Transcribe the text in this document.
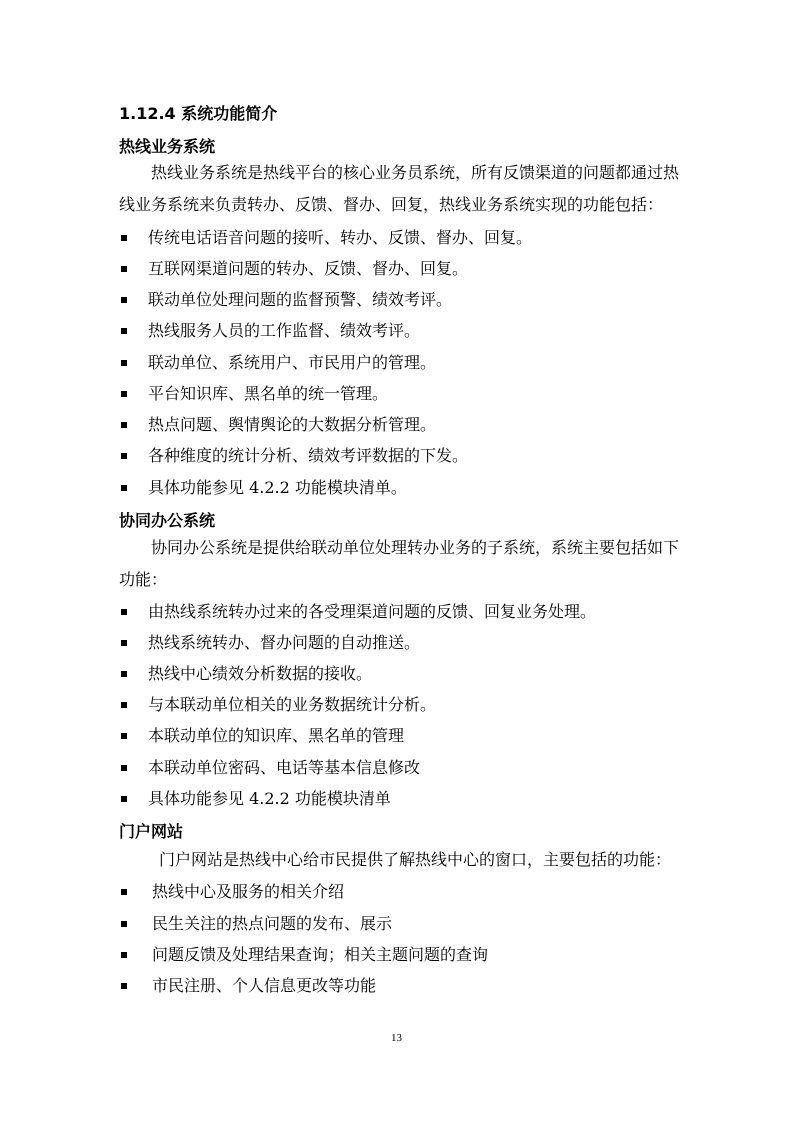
1.12.4 系统功能简介
热线业务系统
热线业务系统是热线平台的核心业务员系统，所有反馈渠道的问题都通过热
线业务系统来负责转办、反馈、督办、回复，热线业务系统实现的功能包括：
传统电话语音问题的接听、转办、反馈、督办、回复。
互联网渠道问题的转办、反馈、督办、回复。
联动单位处理问题的监督预警、绩效考评。
热线服务人员的工作监督、绩效考评。
联动单位、系统用户、市民用户的管理。
平台知识库、黑名单的统一管理。
热点问题、舆情舆论的大数据分析管理。
各种维度的统计分析、绩效考评数据的下发。
具体功能参见 4.2.2 功能模块清单。
协同办公系统
协同办公系统是提供给联动单位处理转办业务的子系统，系统主要包括如下
功能：
由热线系统转办过来的各受理渠道问题的反馈、回复业务处理。
热线系统转办、督办问题的自动推送。
热线中心绩效分析数据的接收。
与本联动单位相关的业务数据统计分析。
本联动单位的知识库、黑名单的管理
本联动单位密码、电话等基本信息修改
具体功能参见 4.2.2 功能模块清单
门户网站
门户网站是热线中心给市民提供了解热线中心的窗口，主要包括的功能：
热线中心及服务的相关介绍
民生关注的热点问题的发布、展示
问题反馈及处理结果查询；相关主题问题的查询
市民注册、个人信息更改等功能
13
